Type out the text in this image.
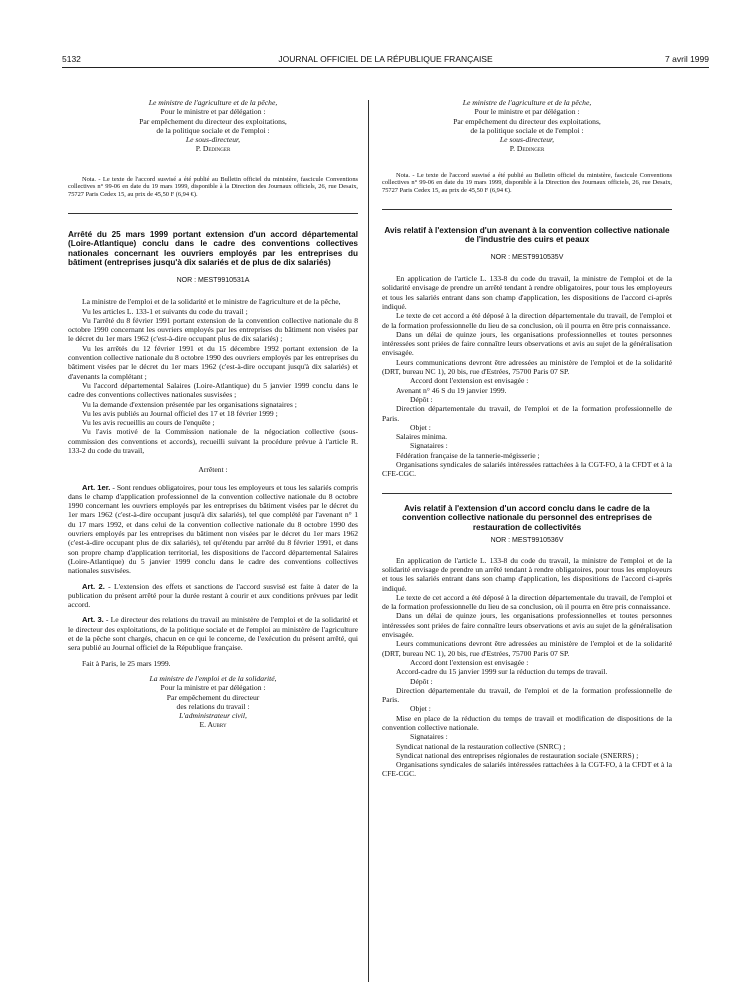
5132	JOURNAL OFFICIEL DE LA RÉPUBLIQUE FRANÇAISE	7 avril 1999
Le ministre de l'agriculture et de la pêche,
Pour le ministre et par délégation :
Par empêchement du directeur des exploitations,
de la politique sociale et de l'emploi :
Le sous-directeur,
P. Dedinger

Nota. - Le texte de l'accord susvisé a été publié au Bulletin officiel du ministère, fascicule Conventions collectives n° 99-06 en date du 19 mars 1999, disponible à la Direction des Journaux officiels, 26, rue Desaix, 75727 Paris Cedex 15, au prix de 45,50 F (6,94 €).

Arrêté du 25 mars 1999 portant extension d'un accord départemental (Loire-Atlantique) conclu dans le cadre des conventions collectives nationales concernant les ouvriers employés par les entreprises du bâtiment (entreprises jusqu'à dix salariés et de plus de dix salariés)

NOR : MEST9910531A

La ministre de l'emploi et de la solidarité et le ministre de l'agriculture et de la pêche,

Vu les articles L. 133-1 et suivants du code du travail ;

Vu l'arrêté du 8 février 1991 portant extension de la convention collective nationale du 8 octobre 1990 concernant les ouvriers employés par les entreprises du bâtiment non visées par le décret du 1er mars 1962 (c'est-à-dire occupant plus de dix salariés) ;

Vu les arrêtés du 12 février 1991 et du 15 décembre 1992 portant extension de la convention collective nationale du 8 octobre 1990 des ouvriers employés par les entreprises du bâtiment visées par le décret du 1er mars 1962 (c'est-à-dire occupant jusqu'à dix salariés) et d'avenants la complétant ;

Vu l'accord départemental Salaires (Loire-Atlantique) du 5 janvier 1999 conclu dans le cadre des conventions collectives nationales susvisées ;

Vu la demande d'extension présentée par les organisations signataires ;

Vu les avis publiés au Journal officiel des 17 et 18 février 1999 ;

Vu les avis recueillis au cours de l'enquête ;

Vu l'avis motivé de la Commission nationale de la négociation collective (sous-commission des conventions et accords), recueilli suivant la procédure prévue à l'article R. 133-2 du code du travail,

Arrêtent :

Art. 1er. - Sont rendues obligatoires, pour tous les employeurs et tous les salariés compris dans le champ d'application professionnel de la convention collective nationale du 8 octobre 1990 concernant les ouvriers employés par les entreprises du bâtiment visées par le décret du 1er mars 1962 (c'est-à-dire occupant jusqu'à dix salariés), tel que complété par l'avenant n° 1 du 17 mars 1992, et dans celui de la convention collective nationale du 8 octobre 1990 des ouvriers employés par les entreprises du bâtiment non visées par le décret du 1er mars 1962 (c'est-à-dire occupant plus de dix salariés), tel qu'étendu par arrêté du 8 février 1991, et dans son propre champ d'application territorial, les dispositions de l'accord départemental Salaires (Loire-Atlantique) du 5 janvier 1999 conclu dans le cadre des conventions collectives nationales susvisées.

Art. 2. - L'extension des effets et sanctions de l'accord susvisé est faite à dater de la publication du présent arrêté pour la durée restant à courir et aux conditions prévues par ledit accord.

Art. 3. - Le directeur des relations du travail au ministère de l'emploi et de la solidarité et le directeur des exploitations, de la politique sociale et de l'emploi au ministère de l'agriculture et de la pêche sont chargés, chacun en ce qui le concerne, de l'exécution du présent arrêté, qui sera publié au Journal officiel de la République française.

Fait à Paris, le 25 mars 1999.

La ministre de l'emploi et de la solidarité,
Pour la ministre et par délégation :
Par empêchement du directeur
des relations du travail :
L'administrateur civil,
E. Aubry
Le ministre de l'agriculture et de la pêche,
Pour le ministre et par délégation :
Par empêchement du directeur des exploitations,
de la politique sociale et de l'emploi :
Le sous-directeur,
P. Dedinger

Nota. - Le texte de l'accord susvisé a été publié au Bulletin officiel du ministère, fascicule Conventions collectives n° 99-06 en date du 19 mars 1999, disponible à la Direction des Journaux officiels, 26, rue Desaix, 75727 Paris Cedex 15, au prix de 45,50 F (6,94 €).

Avis relatif à l'extension d'un avenant à la convention collective nationale de l'industrie des cuirs et peaux

NOR : MEST9910535V

En application de l'article L. 133-8 du code du travail, la ministre de l'emploi et de la solidarité envisage de prendre un arrêté tendant à rendre obligatoires, pour tous les employeurs et tous les salariés entrant dans son champ d'application, les dispositions de l'accord ci-après indiqué.

Le texte de cet accord a été déposé à la direction départementale du travail, de l'emploi et de la formation professionnelle du lieu de sa conclusion, où il pourra en être pris connaissance.

Dans un délai de quinze jours, les organisations professionnelles et toutes personnes intéressées sont priées de faire connaître leurs observations et avis au sujet de la généralisation envisagée.

Leurs communications devront être adressées au ministère de l'emploi et de la solidarité (DRT, bureau NC 1), 20 bis, rue d'Estrées, 75700 Paris 07 SP.

Accord dont l'extension est envisagée :

Avenant n° 46 S du 19 janvier 1999.

Dépôt :

Direction départementale du travail, de l'emploi et de la formation professionnelle de Paris.

Objet :

Salaires minima.

Signataires :

Fédération française de la tannerie-mégisserie ;

Organisations syndicales de salariés intéressées rattachées à la CGT-FO, à la CFDT et à la CFE-CGC.

Avis relatif à l'extension d'un accord conclu dans le cadre de la convention collective nationale du personnel des entreprises de restauration de collectivités

NOR : MEST9910536V

En application de l'article L. 133-8 du code du travail, la ministre de l'emploi et de la solidarité envisage de prendre un arrêté tendant à rendre obligatoires, pour tous les employeurs et tous les salariés entrant dans son champ d'application, les dispositions de l'accord ci-après indiqué.

Le texte de cet accord a été déposé à la direction départementale du travail, de l'emploi et de la formation professionnelle du lieu de sa conclusion, où il pourra en être pris connaissance.

Dans un délai de quinze jours, les organisations professionnelles et toutes personnes intéressées sont priées de faire connaître leurs observations et avis au sujet de la généralisation envisagée.

Leurs communications devront être adressées au ministère de l'emploi et de la solidarité (DRT, bureau NC 1), 20 bis, rue d'Estrées, 75700 Paris 07 SP.

Accord dont l'extension est envisagée :

Accord-cadre du 15 janvier 1999 sur la réduction du temps de travail.

Dépôt :

Direction départementale du travail, de l'emploi et de la formation professionnelle de Paris.

Objet :

Mise en place de la réduction du temps de travail et modification de dispositions de la convention collective nationale.

Signataires :

Syndicat national de la restauration collective (SNRC) ;

Syndicat national des entreprises régionales de restauration sociale (SNERRS) ;

Organisations syndicales de salariés intéressées rattachées à la CGT-FO, à la CFDT et à la CFE-CGC.
